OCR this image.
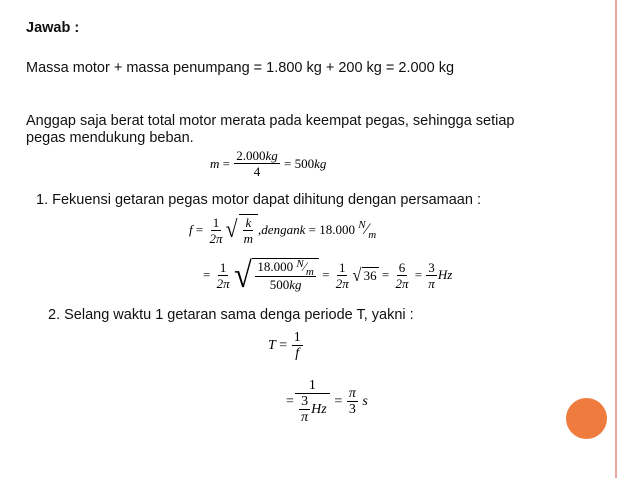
Jawab :
Massa motor + massa penumpang = 1.800 kg + 200 kg = 2.000 kg
Anggap saja berat total motor merata pada keempat pegas, sehingga setiap
pegas mendukung beban.
$m = \frac{2.000kg}{4} = 500$ kg
1. Fekuensi getaran pegas motor dapat dihitung dengan persamaan :
$f = \frac{1}{2\pi}$ √ $\frac{k}{m}$ ,dengan k = 18.000
N ⁄ m
= $\frac{1}{2\pi}$ √ $\frac{18.000 ^N⁄_m}{500kg} = \frac{1}{2\pi}$ √ $36 = \frac{6}{2\pi} = \frac{3}{\pi}$ Hz
2. Selang waktu 1 getaran sama denga periode T, yakni :
$T = \frac{1}{f}$
= $\frac{1}{\frac{3}{\pi} Hz} = \frac{\pi}{3}$
s
